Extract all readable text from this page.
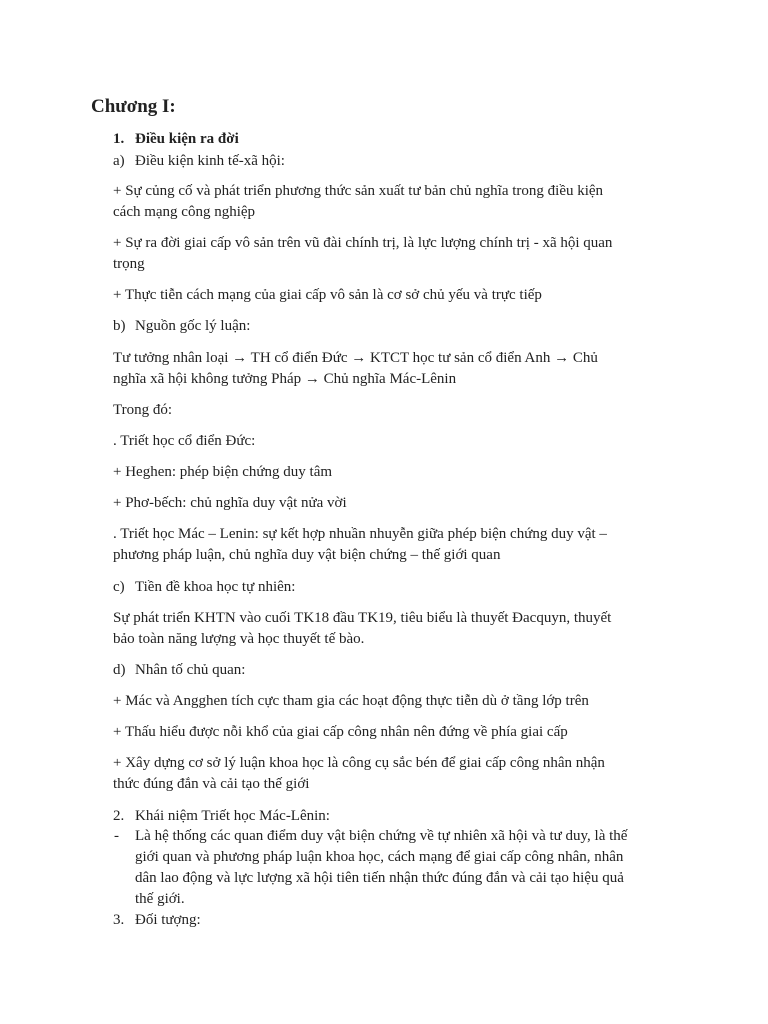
Chương I:
1. Điều kiện ra đời
a) Điều kiện kinh tế-xã hội:
+ Sự củng cố và phát triển phương thức sản xuất tư bản chủ nghĩa trong điều kiện
cách mạng công nghiệp
+ Sự ra đời giai cấp vô sản trên vũ đài chính trị, là lực lượng chính trị - xã hội quan
trọng
+ Thực tiễn cách mạng của giai cấp vô sản là cơ sở chủ yếu và trực tiếp
b) Nguồn gốc lý luận:
Tư tưởng nhân loại → TH cổ điển Đức → KTCT học tư sản cổ điển Anh → Chủ
nghĩa xã hội không tưởng Pháp → Chủ nghĩa Mác-Lênin
Trong đó:
. Triết học cổ điển Đức:
+ Heghen: phép biện chứng duy tâm
+ Phơ-bếch: chủ nghĩa duy vật nửa vời
. Triết học Mác – Lenin: sự kết hợp nhuần nhuyễn giữa phép biện chứng duy vật –
phương pháp luận, chủ nghĩa duy vật biện chứng – thế giới quan
c) Tiền đề khoa học tự nhiên:
Sự phát triển KHTN vào cuối TK18 đầu TK19, tiêu biểu là thuyết Đacquyn, thuyết
bảo toàn năng lượng và học thuyết tế bào.
d) Nhân tố chủ quan:
+ Mác và Angghen tích cực tham gia các hoạt động thực tiễn dù ở tầng lớp trên
+ Thấu hiểu được nỗi khổ của giai cấp công nhân nên đứng về phía giai cấp
+ Xây dựng cơ sở lý luận khoa học là công cụ sắc bén để giai cấp công nhân nhận
thức đúng đắn và cải tạo thế giới
2. Khái niệm Triết học Mác-Lênin:
- Là hệ thống các quan điểm duy vật biện chứng về tự nhiên xã hội và tư duy, là thế
giới quan và phương pháp luận khoa học, cách mạng để giai cấp công nhân, nhân
dân lao động và lực lượng xã hội tiên tiến nhận thức đúng đắn và cải tạo hiệu quả
thế giới.
3. Đối tượng:
